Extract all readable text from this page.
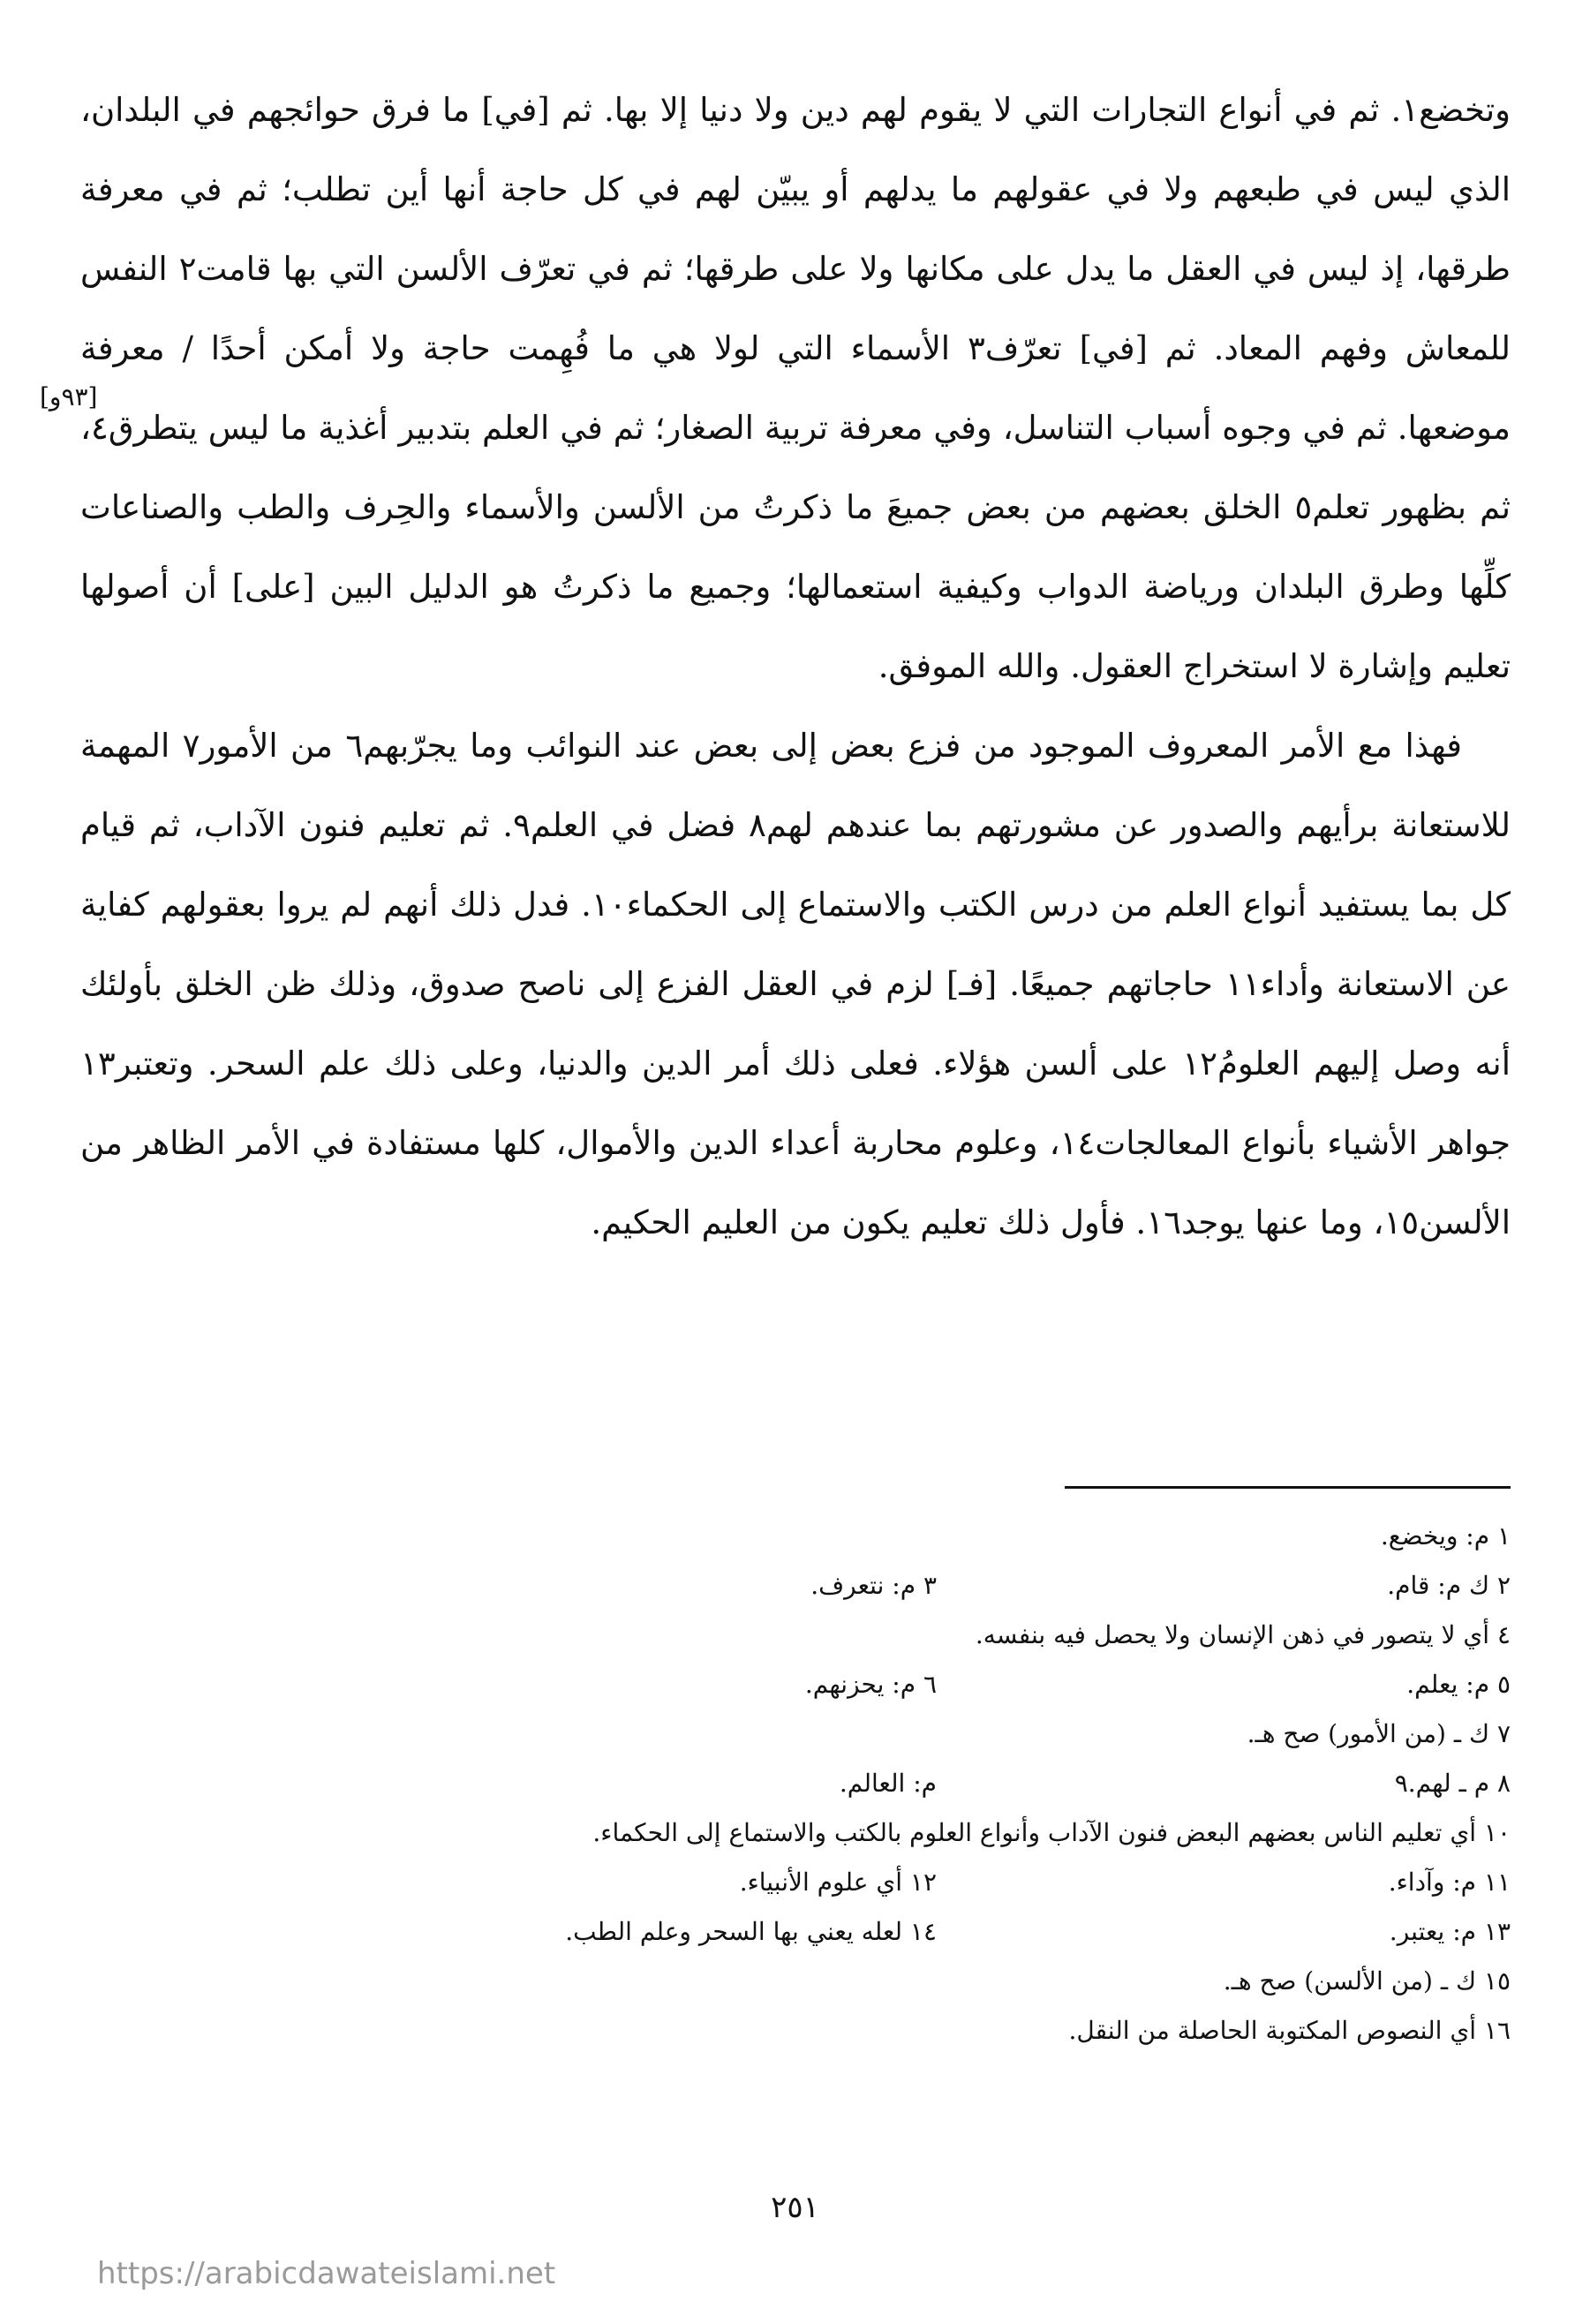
وتخضع١. ثم في أنواع التجارات التي لا يقوم لهم دين ولا دنيا إلا بها. ثم [في] ما فرق حوائجهم في البلدان، الذي ليس في طبعهم ولا في عقولهم ما يدلهم أو يبيّن لهم في كل حاجة أنها أين تطلب؛ ثم في معرفة طرقها، إذ ليس في العقل ما يدل على مكانها ولا على طرقها؛ ثم في تعرّف الألسن التي بها قامت٢ النفس للمعاش وفهم المعاد. ثم [في] تعرّف٣ الأسماء التي لولا هي ما فُهِمت حاجة ولا أمكن أحدًا / معرفة موضعها. ثم في وجوه أسباب التناسل، وفي معرفة تربية الصغار؛ ثم في العلم بتدبير أغذية ما ليس يتطرق٤، ثم بظهور تعلم٥ الخلق بعضهم من بعض جميعَ ما ذكرتُ من الألسن والأسماء والحِرف والطب والصناعات كلِّها وطرق البلدان ورياضة الدواب وكيفية استعمالها؛ وجميع ما ذكرتُ هو الدليل البين [على] أن أصولها تعليم وإشارة لا استخراج العقول. والله الموفق.

فهذا مع الأمر المعروف الموجود من فزع بعض إلى بعض عند النوائب وما يجرّبهم٦ من الأمور٧ المهمة للاستعانة برأيهم والصدور عن مشورتهم بما عندهم لهم٨ فضل في العلم٩. ثم تعليم فنون الآداب، ثم قيام كل بما يستفيد أنواع العلم من درس الكتب والاستماع إلى الحكماء١٠. فدل ذلك أنهم لم يروا بعقولهم كفاية عن الاستعانة وأداء١١ حاجاتهم جميعًا. [فـ] لزم في العقل الفزع إلى ناصح صدوق، وذلك ظن الخلق بأولئك أنه وصل إليهم العلومُ١٢ على ألسن هؤلاء. فعلى ذلك أمر الدين والدنيا، وعلى ذلك علم السحر. وتعتبر١٣ جواهر الأشياء بأنواع المعالجات١٤، وعلوم محاربة أعداء الدين والأموال، كلها مستفادة في الأمر الظاهر من الألسن١٥، وما عنها يوجد١٦. فأول ذلك تعليم يكون من العليم الحكيم.

[٩٣و]
١ م: ويخضع.
٢ ك م: قام.
٣ م: نتعرف.
٤ أي لا يتصور في ذهن الإنسان ولا يحصل فيه بنفسه.
٥ م: يعلم.
٦ م: يحزنهم.
٧ ك ـ (من الأمور) صح هـ.
٨ م ـ لهم.٩
م: العالم.
١٠ أي تعليم الناس بعضهم البعض فنون الآداب وأنواع العلوم بالكتب والاستماع إلى الحكماء.
١١ م: وآداء.
١٢ أي علوم الأنبياء.
١٣ م: يعتبر.
١٤ لعله يعني بها السحر وعلم الطب.
١٥ ك ـ (من الألسن) صح هـ.
١٦ أي النصوص المكتوبة الحاصلة من النقل.
٢٥١
https://arabicdawateislami.net
